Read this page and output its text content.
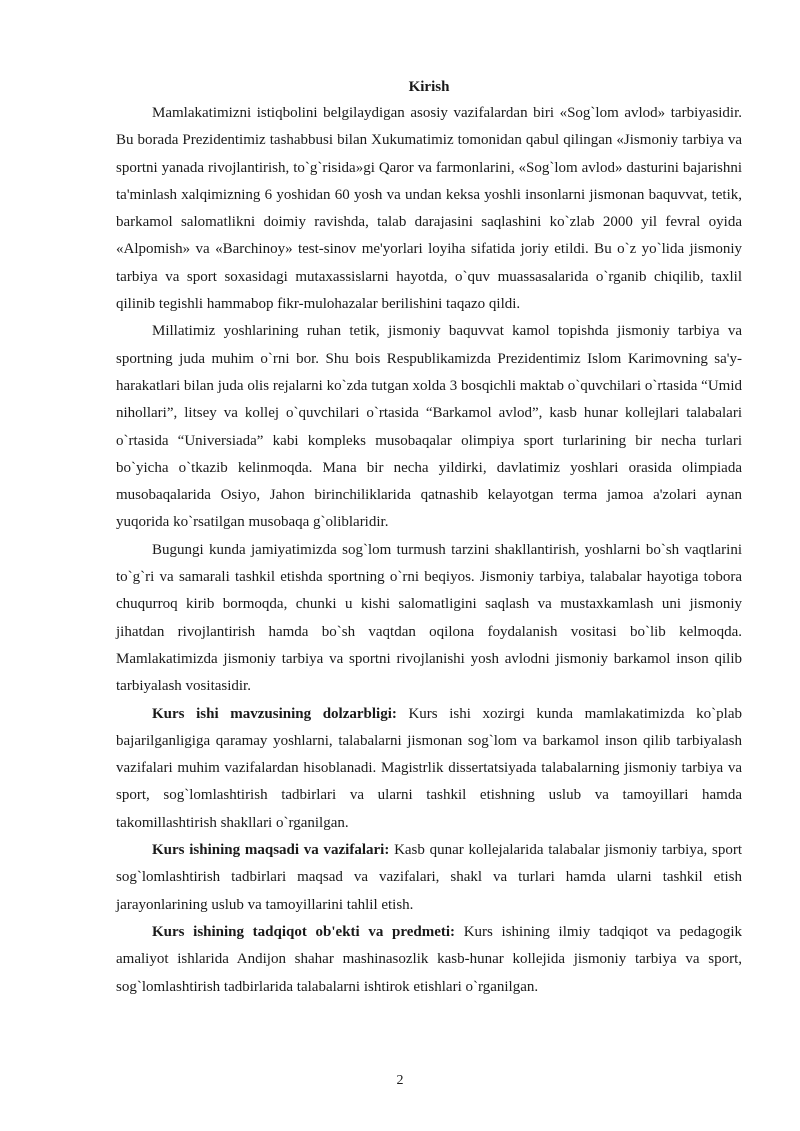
Kirish

Mamlakatimizni istiqbolini belgilaydigan asosiy vazifalardan biri «Sog`lom avlod» tarbiyasidir. Bu borada Prezidentimiz tashabbusi bilan Xukumatimiz tomonidan qabul qilingan «Jismoniy tarbiya va sportni yanada rivojlantirish, to`g`risida»gi Qaror va farmonlarini, «Sog`lom avlod» dasturini bajarishni ta'minlash xalqimizning 6 yoshidan 60 yosh va undan keksa yoshli insonlarni jismonan baquvvat, tetik, barkamol salomatlikni doimiy ravishda, talab darajasini saqlashini ko`zlab 2000 yil fevral oyida «Alpomish» va «Barchinoy» test-sinov me'yorlari loyiha sifatida joriy etildi. Bu o`z yo`lida jismoniy tarbiya va sport soxasidagi mutaxassislarni hayotda, o`quv muassasalarida o`rganib chiqilib, taxlil qilinib tegishli hammabop fikr-mulohazalar berilishini taqazo qildi.

Millatimiz yoshlarining ruhan tetik, jismoniy baquvvat kamol topishda jismoniy tarbiya va sportning juda muhim o`rni bor. Shu bois Respublikamizda Prezidentimiz Islom Karimovning sa'y-harakatlari bilan juda olis rejalarni ko`zda tutgan xolda 3 bosqichli maktab o`quvchilari o`rtasida “Umid nihollari”, litsey va kollej o`quvchilari o`rtasida “Barkamol avlod”, kasb hunar kollejlari talabalari o`rtasida “Universiada” kabi kompleks musobaqalar olimpiya sport turlarining bir necha turlari bo`yicha o`tkazib kelinmoqda. Mana bir necha yildirki, davlatimiz yoshlari orasida olimpiada musobaqalarida Osiyo, Jahon birinchiliklarida qatnashib kelayotgan terma jamoa a'zolari aynan yuqorida ko`rsatilgan musobaqa g`oliblaridir.

Bugungi kunda jamiyatimizda sog`lom turmush tarzini shakllantirish, yoshlarni bo`sh vaqtlarini to`g`ri va samarali tashkil etishda sportning o`rni beqiyos. Jismoniy tarbiya, talabalar hayotiga tobora chuqurroq kirib bormoqda, chunki u kishi salomatligini saqlash va mustaxkamlash uni jismoniy jihatdan rivojlantirish hamda bo`sh vaqtdan oqilona foydalanish vositasi bo`lib kelmoqda. Mamlakatimizda jismoniy tarbiya va sportni rivojlanishi yosh avlodni jismoniy barkamol inson qilib tarbiyalash vositasidir.

Kurs ishi mavzusining dolzarbligi: Kurs ishi xozirgi kunda mamlakatimizda ko`plab bajarilganligiga qaramay yoshlarni, talabalarni jismonan sog`lom va barkamol inson qilib tarbiyalash vazifalari muhim vazifalardan hisoblanadi. Magistrlik dissertatsiyada talabalarning jismoniy tarbiya va sport, sog`lomlashtirish tadbirlari va ularni tashkil etishning uslub va tamoyillari hamda takomillashtirish shakllari o`rganilgan.

Kurs ishining maqsadi va vazifalari: Kasb qunar kollejalarida talabalar jismoniy tarbiya, sport sog`lomlashtirish tadbirlari maqsad va vazifalari, shakl va turlari hamda ularni tashkil etish jarayonlarining uslub va tamoyillarini tahlil etish.

Kurs ishining tadqiqot ob'ekti va predmeti: Kurs ishining ilmiy tadqiqot va pedagogik amaliyot ishlarida Andijon shahar mashinasozlik kasb-hunar kollejida jismoniy tarbiya va sport, sog`lomlashtirish tadbirlarida talabalarni ishtirok etishlari o`rganilgan.

2
